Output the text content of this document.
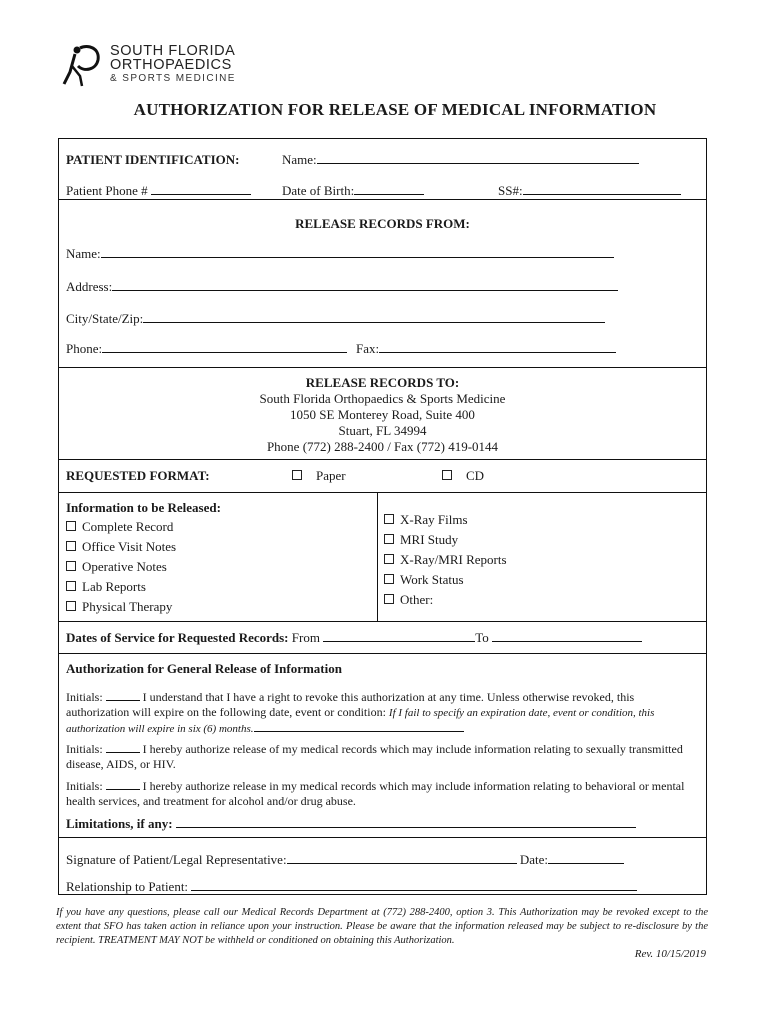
SOUTH FLORIDA
ORTHOPAEDICS
& SPORTS MEDICINE
AUTHORIZATION FOR RELEASE OF MEDICAL INFORMATION
PATIENT IDENTIFICATION:	Name:
Patient Phone #	Date of Birth:	SS#:
RELEASE RECORDS FROM:
Name:
Address:
City/State/Zip:
Phone:	Fax:
RELEASE RECORDS TO:
South Florida Orthopaedics & Sports Medicine
1050 SE Monterey Road, Suite 400
Stuart, FL 34994
Phone (772) 288-2400 / Fax (772) 419-0144
REQUESTED FORMAT:	Paper	CD
Information to be Released:
Complete Record
Office Visit Notes
Operative Notes
Lab Reports
Physical Therapy
X-Ray Films
MRI Study
X-Ray/MRI Reports
Work Status
Other:
Dates of Service for Requested Records: From	To
Authorization for General Release of Information
Initials:	I understand that I have a right to revoke this authorization at any time. Unless otherwise revoked, this authorization will expire on the following date, event or condition: If I fail to specify an expiration date, event or condition, this authorization will expire in six (6) months.
Initials:	I hereby authorize release of my medical records which may include information relating to sexually transmitted disease, AIDS, or HIV.
Initials:	I hereby authorize release in my medical records which may include information relating to behavioral or mental health services, and treatment for alcohol and/or drug abuse.
Limitations, if any:
Signature of Patient/Legal Representative:	Date:
Relationship to Patient:
If you have any questions, please call our Medical Records Department at (772) 288-2400, option 3. This Authorization may be revoked except to the extent that SFO has taken action in reliance upon your instruction. Please be aware that the information released may be subject to re-disclosure by the recipient. TREATMENT MAY NOT be withheld or conditioned on obtaining this Authorization.
Rev. 10/15/2019
